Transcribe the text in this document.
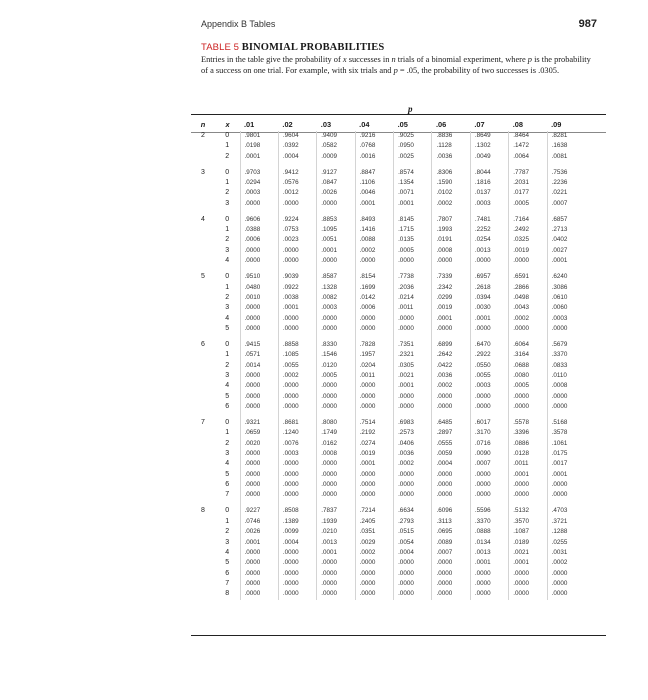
Appendix B Tables	987
TABLE 5 BINOMIAL PROBABILITIES
Entries in the table give the probability of x successes in n trials of a binomial experiment, where p is the probability of a success on one trial. For example, with six trials and p = .05, the probability of two successes is .0305.
p
n	x	.01	.02	.03	.04	.05	.06	.07	.08	.09
2	0	.9801	.9604	.9409	.9216	.9025	.8836	.8649	.8464	.8281
	1	.0198	.0392	.0582	.0768	.0950	.1128	.1302	.1472	.1638
	2	.0001	.0004	.0009	.0016	.0025	.0036	.0049	.0064	.0081

3	0	.9703	.9412	.9127	.8847	.8574	.8306	.8044	.7787	.7536
	1	.0294	.0576	.0847	.1106	.1354	.1590	.1816	.2031	.2236
	2	.0003	.0012	.0026	.0046	.0071	.0102	.0137	.0177	.0221
	3	.0000	.0000	.0000	.0001	.0001	.0002	.0003	.0005	.0007

4	0	.9606	.9224	.8853	.8493	.8145	.7807	.7481	.7164	.6857
	1	.0388	.0753	.1095	.1416	.1715	.1993	.2252	.2492	.2713
	2	.0006	.0023	.0051	.0088	.0135	.0191	.0254	.0325	.0402
	3	.0000	.0000	.0001	.0002	.0005	.0008	.0013	.0019	.0027
	4	.0000	.0000	.0000	.0000	.0000	.0000	.0000	.0000	.0001

5	0	.9510	.9039	.8587	.8154	.7738	.7339	.6957	.6591	.6240
	1	.0480	.0922	.1328	.1699	.2036	.2342	.2618	.2866	.3086
	2	.0010	.0038	.0082	.0142	.0214	.0299	.0394	.0498	.0610
	3	.0000	.0001	.0003	.0006	.0011	.0019	.0030	.0043	.0060
	4	.0000	.0000	.0000	.0000	.0000	.0001	.0001	.0002	.0003
	5	.0000	.0000	.0000	.0000	.0000	.0000	.0000	.0000	.0000

6	0	.9415	.8858	.8330	.7828	.7351	.6899	.6470	.6064	.5679
	1	.0571	.1085	.1546	.1957	.2321	.2642	.2922	.3164	.3370
	2	.0014	.0055	.0120	.0204	.0305	.0422	.0550	.0688	.0833
	3	.0000	.0002	.0005	.0011	.0021	.0036	.0055	.0080	.0110
	4	.0000	.0000	.0000	.0000	.0001	.0002	.0003	.0005	.0008
	5	.0000	.0000	.0000	.0000	.0000	.0000	.0000	.0000	.0000
	6	.0000	.0000	.0000	.0000	.0000	.0000	.0000	.0000	.0000

7	0	.9321	.8681	.8080	.7514	.6983	.6485	.6017	.5578	.5168
	1	.0659	.1240	.1749	.2192	.2573	.2897	.3170	.3396	.3578
	2	.0020	.0076	.0162	.0274	.0406	.0555	.0716	.0886	.1061
	3	.0000	.0003	.0008	.0019	.0036	.0059	.0090	.0128	.0175
	4	.0000	.0000	.0000	.0001	.0002	.0004	.0007	.0011	.0017
	5	.0000	.0000	.0000	.0000	.0000	.0000	.0000	.0001	.0001
	6	.0000	.0000	.0000	.0000	.0000	.0000	.0000	.0000	.0000
	7	.0000	.0000	.0000	.0000	.0000	.0000	.0000	.0000	.0000

8	0	.9227	.8508	.7837	.7214	.6634	.6096	.5596	.5132	.4703
	1	.0746	.1389	.1939	.2405	.2793	.3113	.3370	.3570	.3721
	2	.0026	.0099	.0210	.0351	.0515	.0695	.0888	.1087	.1288
	3	.0001	.0004	.0013	.0029	.0054	.0089	.0134	.0189	.0255
	4	.0000	.0000	.0001	.0002	.0004	.0007	.0013	.0021	.0031
	5	.0000	.0000	.0000	.0000	.0000	.0000	.0001	.0001	.0002
	6	.0000	.0000	.0000	.0000	.0000	.0000	.0000	.0000	.0000
	7	.0000	.0000	.0000	.0000	.0000	.0000	.0000	.0000	.0000
	8	.0000	.0000	.0000	.0000	.0000	.0000	.0000	.0000	.0000
